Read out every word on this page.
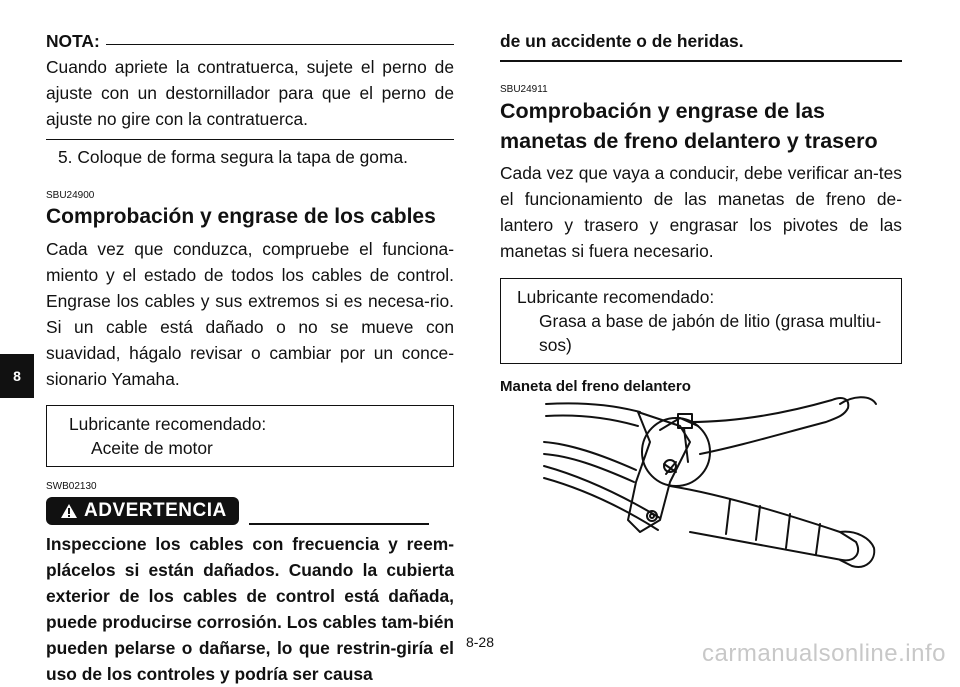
8
NOTA:

Cuando apriete la contratuerca, sujete el perno de ajuste con un destornillador para que el perno de ajuste no gire con la contratuerca.

5. Coloque de forma segura la tapa de goma.

SBU24900

Comprobación y engrase de los cables

Cada vez que conduzca, compruebe el funciona-miento y el estado de todos los cables de control. Engrase los cables y sus extremos si es necesa-rio. Si un cable está dañado o no se mueve con suavidad, hágalo revisar o cambiar por un conce-sionario Yamaha.

Lubricante recomendado:
Aceite de motor

SWB02130

ADVERTENCIA

Inspeccione los cables con frecuencia y reem-plácelos si están dañados. Cuando la cubierta exterior de los cables de control está dañada, puede producirse corrosión. Los cables tam-bién pueden pelarse o dañarse, lo que restrin-giría el uso de los controles y podría ser causa

de un accidente o de heridas.

SBU24911

Comprobación y engrase de las
manetas de freno delantero y trasero

Cada vez que vaya a conducir, debe verificar an-tes el funcionamiento de las manetas de freno de-lantero y trasero y engrasar los pivotes de las manetas si fuera necesario.

Lubricante recomendado:
Grasa a base de jabón de litio (grasa multiu-sos)

Maneta del freno delantero

8-28	carmanualsonline.info
